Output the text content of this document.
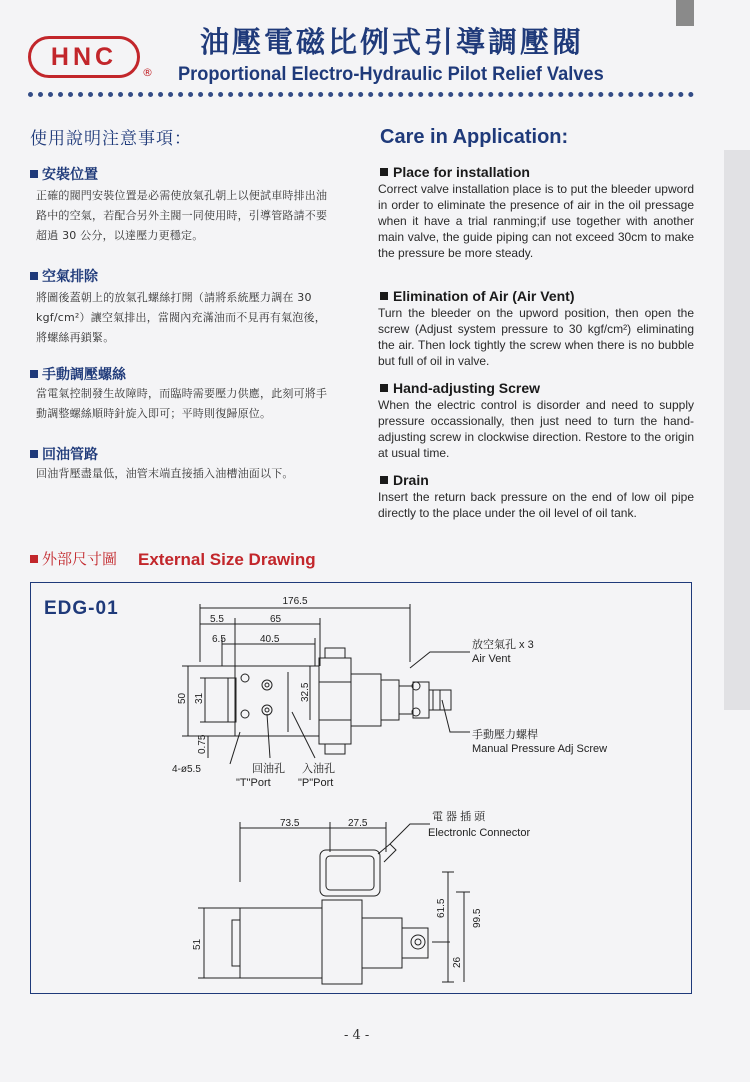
HNC
®
油壓電磁比例式引導調壓閥
Proportional Electro-Hydraulic Pilot Relief Valves
使用說明注意事項：
安裝位置
正確的閥門安裝位置是必需使放氣孔朝上以便試車時排出油路中的空氣，若配合另外主閥一同使用時，引導管路請不要超過 30 公分，以達壓力更穩定。
空氣排除
將圖後蓋朝上的放氣孔螺絲打開（請將系統壓力調在 30 kgf/cm²）讓空氣排出，當閥內充滿油而不見再有氣泡後，將螺絲再鎖緊。
手動調壓螺絲
當電氣控制發生故障時，而臨時需要壓力供應，此刻可將手動調整螺絲順時針旋入即可；平時則復歸原位。
回油管路
回油背壓盡量低，油管末端直接插入油槽油面以下。
Care in Application:
Place for installation
Correct valve installation place is to put the bleeder upword in order to eliminate the presence of air in the oil pressage when it have a trial ranming;if use together with another main valve, the guide piping can not exceed 30cm to make the pressure be more steady.
Elimination of Air (Air Vent)
Turn the bleeder on the upword position, then open the screw (Adjust system pressure to 30 kgf/cm²) eliminating the air. Then lock tightly the screw when there is no bubble but full of oil in valve.
Hand-adjusting Screw
When the electric control is disorder and need to supply pressure occassionally, then just need to turn the hand-adjusting screw in clockwise direction. Restore to the origin at usual time.
Drain
Insert the return back pressure on the end of low oil pipe directly to the place under the oil level of oil tank.
外部尺寸圖 External Size Drawing
EDG-01	176.5
5.5	65
6.5	40.5
50 31	32.5
0.75
4-ø5.5
放空氣孔 x 3
Air Vent
手動壓力螺桿
Manual Pressure Adj Screw
回油孔
"T"Port
入油孔
"P"Port
73.5	27.5
51
61.5
99.5
26
電 器 插 頭
Electronlc Connector
- 4 -
